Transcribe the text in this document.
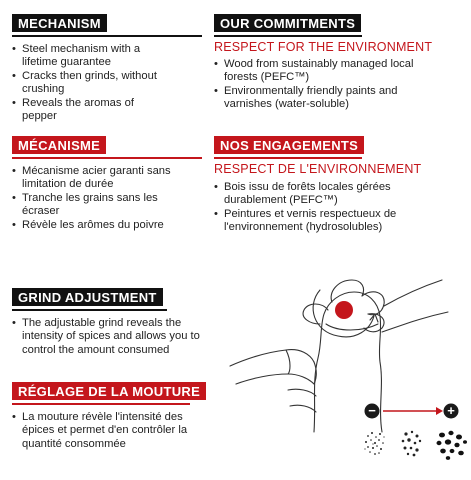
MECHANISM
• Steel mechanism with a lifetime guarantee
• Cracks then grinds, without crushing
• Reveals the aromas of pepper
MÉCANISME
• Mécanisme acier garanti sans limitation de durée
• Tranche les grains sans les écraser
• Révèle les arômes du poivre
OUR COMMITMENTS
RESPECT FOR THE ENVIRONMENT
• Wood from sustainably managed local forests (PEFC™)
• Environmentally friendly paints and varnishes (water-soluble)
NOS ENGAGEMENTS
RESPECT DE L'ENVIRONNEMENT
• Bois issu de forêts locales gérées durablement (PEFC™)
• Peintures et vernis respectueux de l'environnement (hydrosolubles)
GRIND ADJUSTMENT
• The adjustable grind reveals the intensity of spices and allows you to control the amount consumed
RÉGLAGE DE LA MOUTURE
• La mouture révèle l'intensité des épices et permet d'en contrôler la quantité consommée
−	+
